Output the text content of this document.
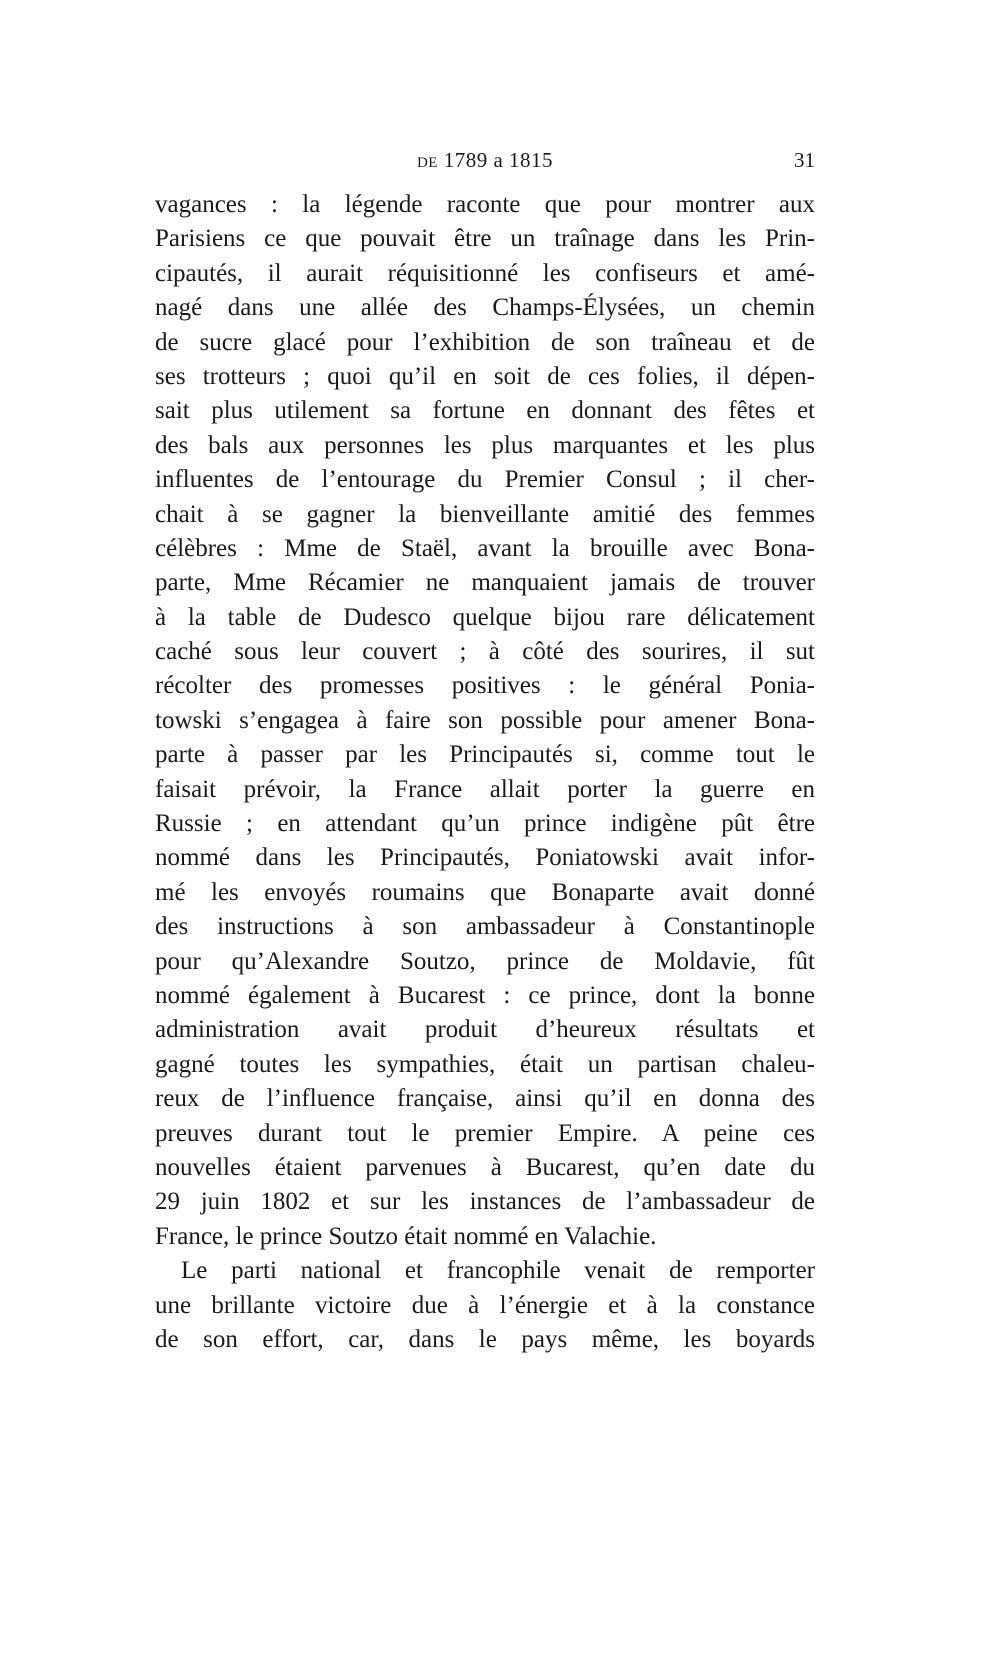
de 1789 a 1815	31
vagances : la légende raconte que pour montrer aux
Parisiens ce que pouvait être un traînage dans les Prin-
cipautés, il aurait réquisitionné les confiseurs et amé-
nagé dans une allée des Champs-Élysées, un chemin
de sucre glacé pour l’exhibition de son traîneau et de
ses trotteurs ; quoi qu’il en soit de ces folies, il dépen-
sait plus utilement sa fortune en donnant des fêtes et
des bals aux personnes les plus marquantes et les plus
influentes de l’entourage du Premier Consul ; il cher-
chait à se gagner la bienveillante amitié des femmes
célèbres : Mme de Staël, avant la brouille avec Bona-
parte, Mme Récamier ne manquaient jamais de trouver
à la table de Dudesco quelque bijou rare délicatement
caché sous leur couvert ; à côté des sourires, il sut
récolter des promesses positives : le général Ponia-
towski s’engagea à faire son possible pour amener Bona-
parte à passer par les Principautés si, comme tout le
faisait prévoir, la France allait porter la guerre en
Russie ; en attendant qu’un prince indigène pût être
nommé dans les Principautés, Poniatowski avait infor-
mé les envoyés roumains que Bonaparte avait donné
des instructions à son ambassadeur à Constantinople
pour qu’Alexandre Soutzo, prince de Moldavie, fût
nommé également à Bucarest : ce prince, dont la bonne
administration avait produit d’heureux résultats et
gagné toutes les sympathies, était un partisan chaleu-
reux de l’influence française, ainsi qu’il en donna des
preuves durant tout le premier Empire. A peine ces
nouvelles étaient parvenues à Bucarest, qu’en date du
29 juin 1802 et sur les instances de l’ambassadeur de
France, le prince Soutzo était nommé en Valachie.
Le parti national et francophile venait de remporter
une brillante victoire due à l’énergie et à la constance
de son effort, car, dans le pays même, les boyards
